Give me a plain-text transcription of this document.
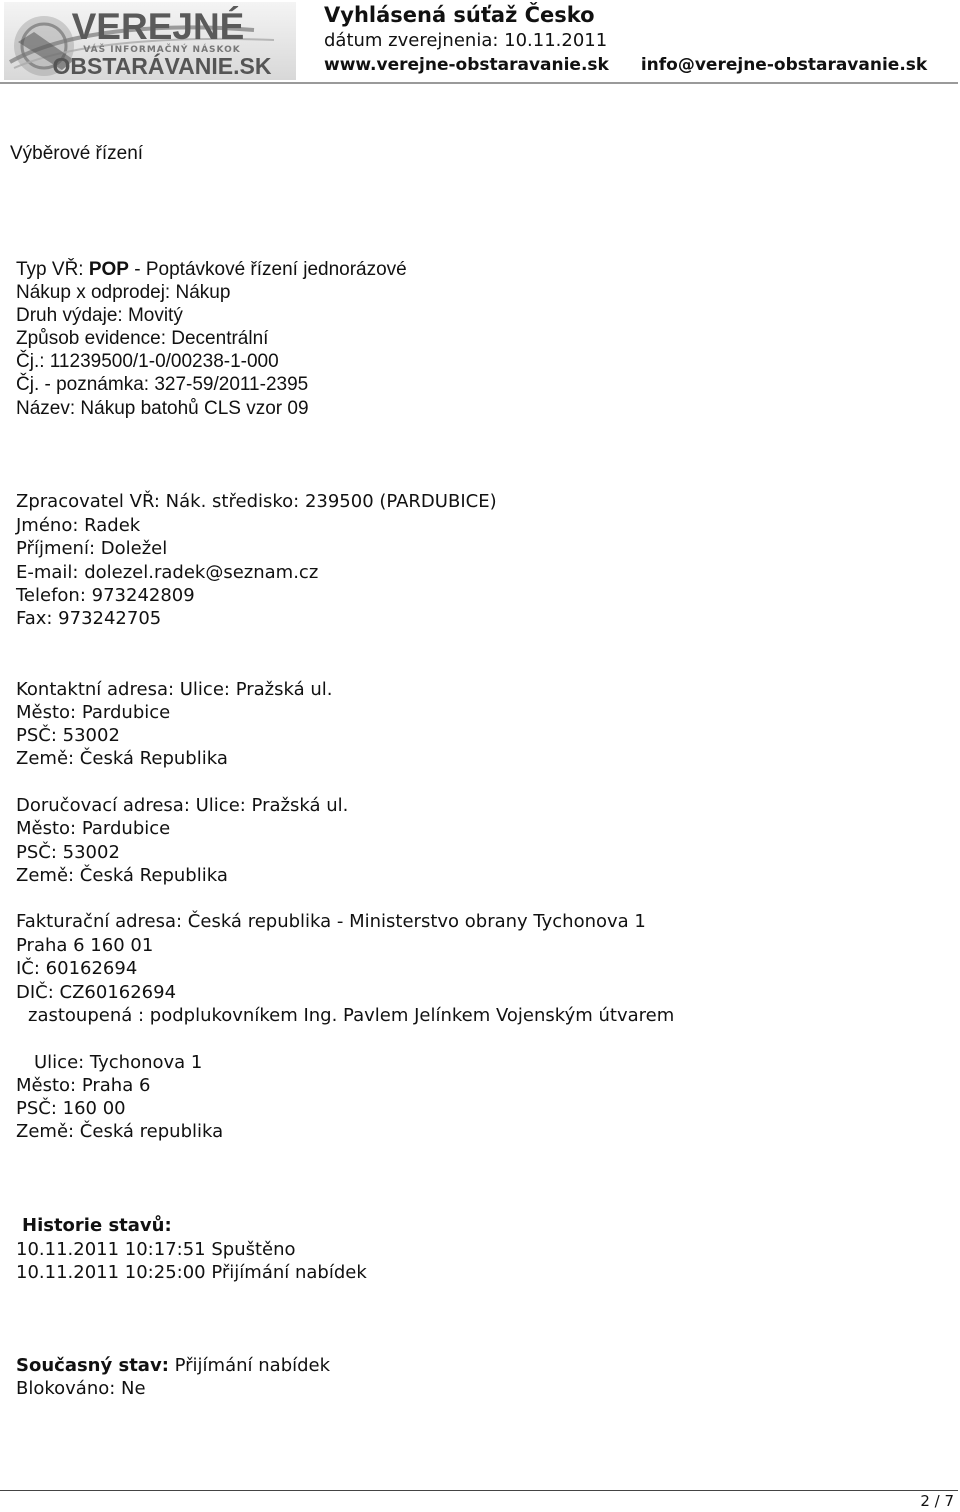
VEREJNÉ
VÁŠ INFORMAČNÝ NÁSKOK
OBSTARÁVANIE.SK
Vyhlásená súťaž Česko
dátum zverejnenia: 10.11.2011
www.verejne-obstaravanie.sk info@verejne-obstaravanie.sk
Výběrové řízení
Typ VŘ: POP - Poptávkové řízení jednorázové
Nákup x odprodej: Nákup
Druh výdaje: Movitý
Způsob evidence: Decentrální
Čj.: 11239500/1-0/00238-1-000
Čj. - poznámka: 327-59/2011-2395
Název: Nákup batohů CLS vzor 09
Zpracovatel VŘ: Nák. středisko: 239500 (PARDUBICE)
Jméno: Radek
Příjmení: Doležel
E-mail: dolezel.radek@seznam.cz
Telefon: 973242809
Fax: 973242705
Kontaktní adresa: Ulice: Pražská ul.
Město: Pardubice
PSČ: 53002
Země: Česká Republika
Doručovací adresa: Ulice: Pražská ul.
Město: Pardubice
PSČ: 53002
Země: Česká Republika
Fakturační adresa: Česká republika - Ministerstvo obrany Tychonova 1
Praha 6 160 01
IČ: 60162694
DIČ: CZ60162694
zastoupená : podplukovníkem Ing. Pavlem Jelínkem Vojenským útvarem
Ulice: Tychonova 1
Město: Praha 6
PSČ: 160 00
Země: Česká republika
Historie stavů:
10.11.2011 10:17:51 Spuštěno
10.11.2011 10:25:00 Přijímání nabídek
Současný stav: Přijímání nabídek
Blokováno: Ne
2 / 7
